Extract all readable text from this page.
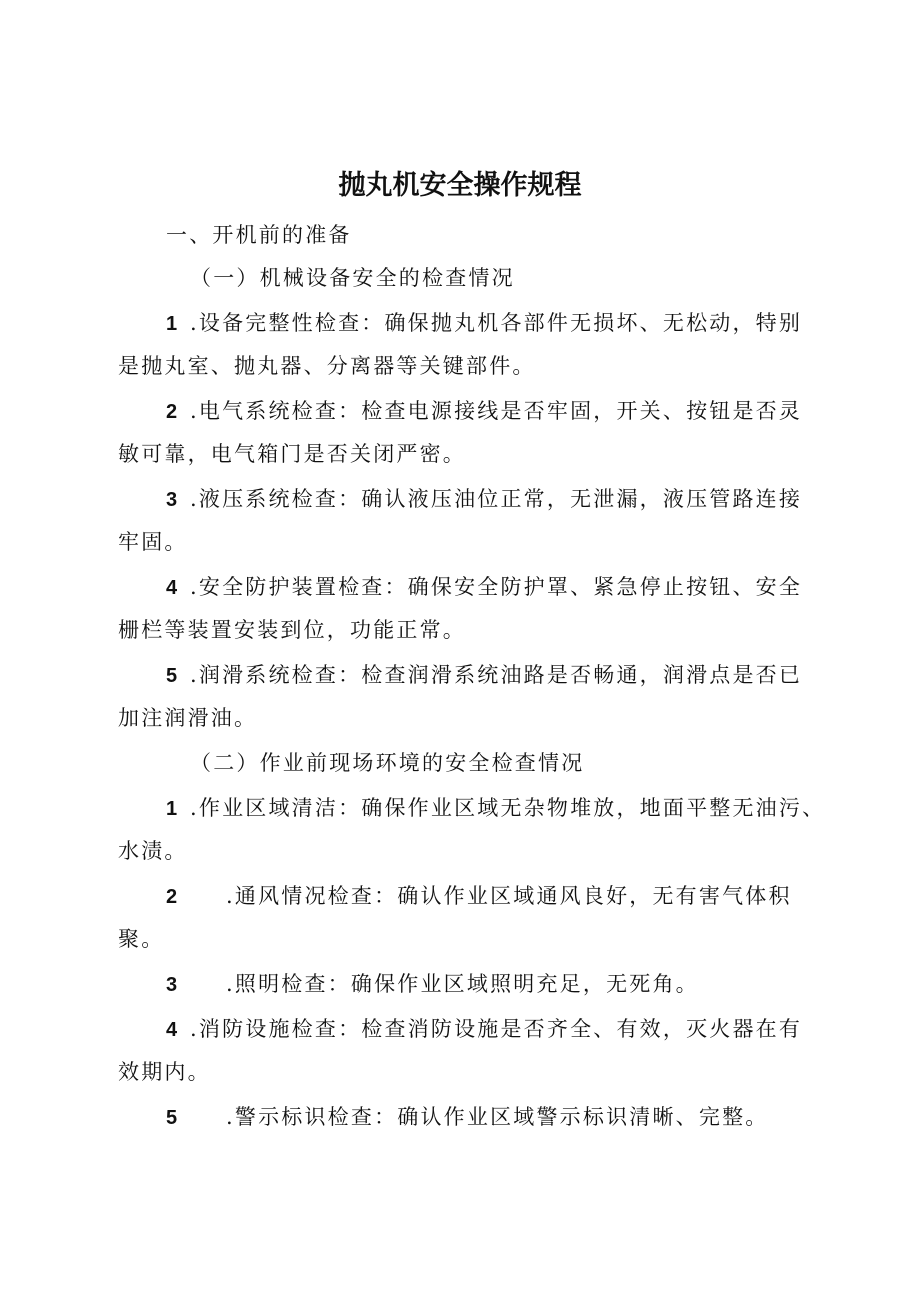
抛丸机安全操作规程
一、开机前的准备
（一）机械设备安全的检查情况
1 .设备完整性检查：确保抛丸机各部件无损坏、无松动，特别
是抛丸室、抛丸器、分离器等关键部件。
2 .电气系统检查：检查电源接线是否牢固，开关、按钮是否灵
敏可靠，电气箱门是否关闭严密。
3 .液压系统检查：确认液压油位正常，无泄漏，液压管路连接
牢固。
4 .安全防护装置检查：确保安全防护罩、紧急停止按钮、安全
栅栏等装置安装到位，功能正常。
5 .润滑系统检查：检查润滑系统油路是否畅通，润滑点是否已
加注润滑油。
（二）作业前现场环境的安全检查情况
1 .作业区域清洁：确保作业区域无杂物堆放，地面平整无油污、
水渍。
2 .通风情况检查：确认作业区域通风良好，无有害气体积
聚。
3 .照明检查：确保作业区域照明充足，无死角。
4 .消防设施检查：检查消防设施是否齐全、有效，灭火器在有
效期内。
5 .警示标识检查：确认作业区域警示标识清晰、完整。
